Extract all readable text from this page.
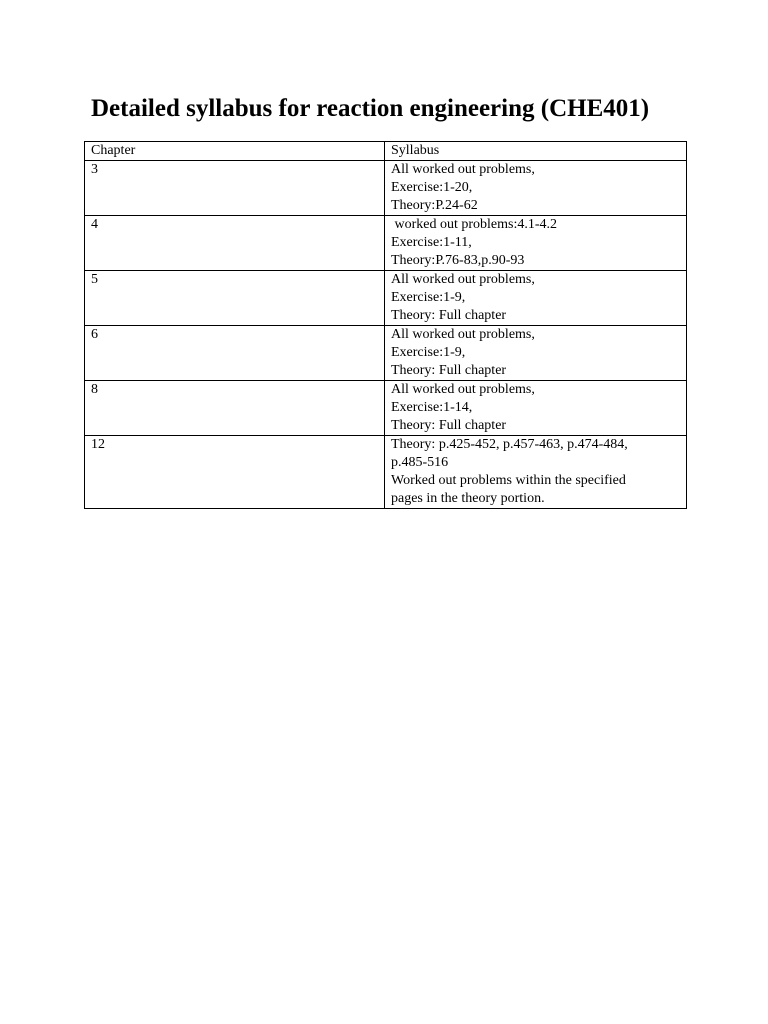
Detailed syllabus for reaction engineering (CHE401)
Chapter	Syllabus
3	All worked out problems,
Exercise:1-20,
Theory:P.24-62

4	worked out problems:4.1-4.2
Exercise:1-11,
Theory:P.76-83,p.90-93

5	All worked out problems,
Exercise:1-9,
Theory: Full chapter

6	All worked out problems,
Exercise:1-9,
Theory: Full chapter

8	All worked out problems,
Exercise:1-14,
Theory: Full chapter

12	Theory: p.425-452, p.457-463, p.474-484,
p.485-516
Worked out problems within the specified
pages in the theory portion.
